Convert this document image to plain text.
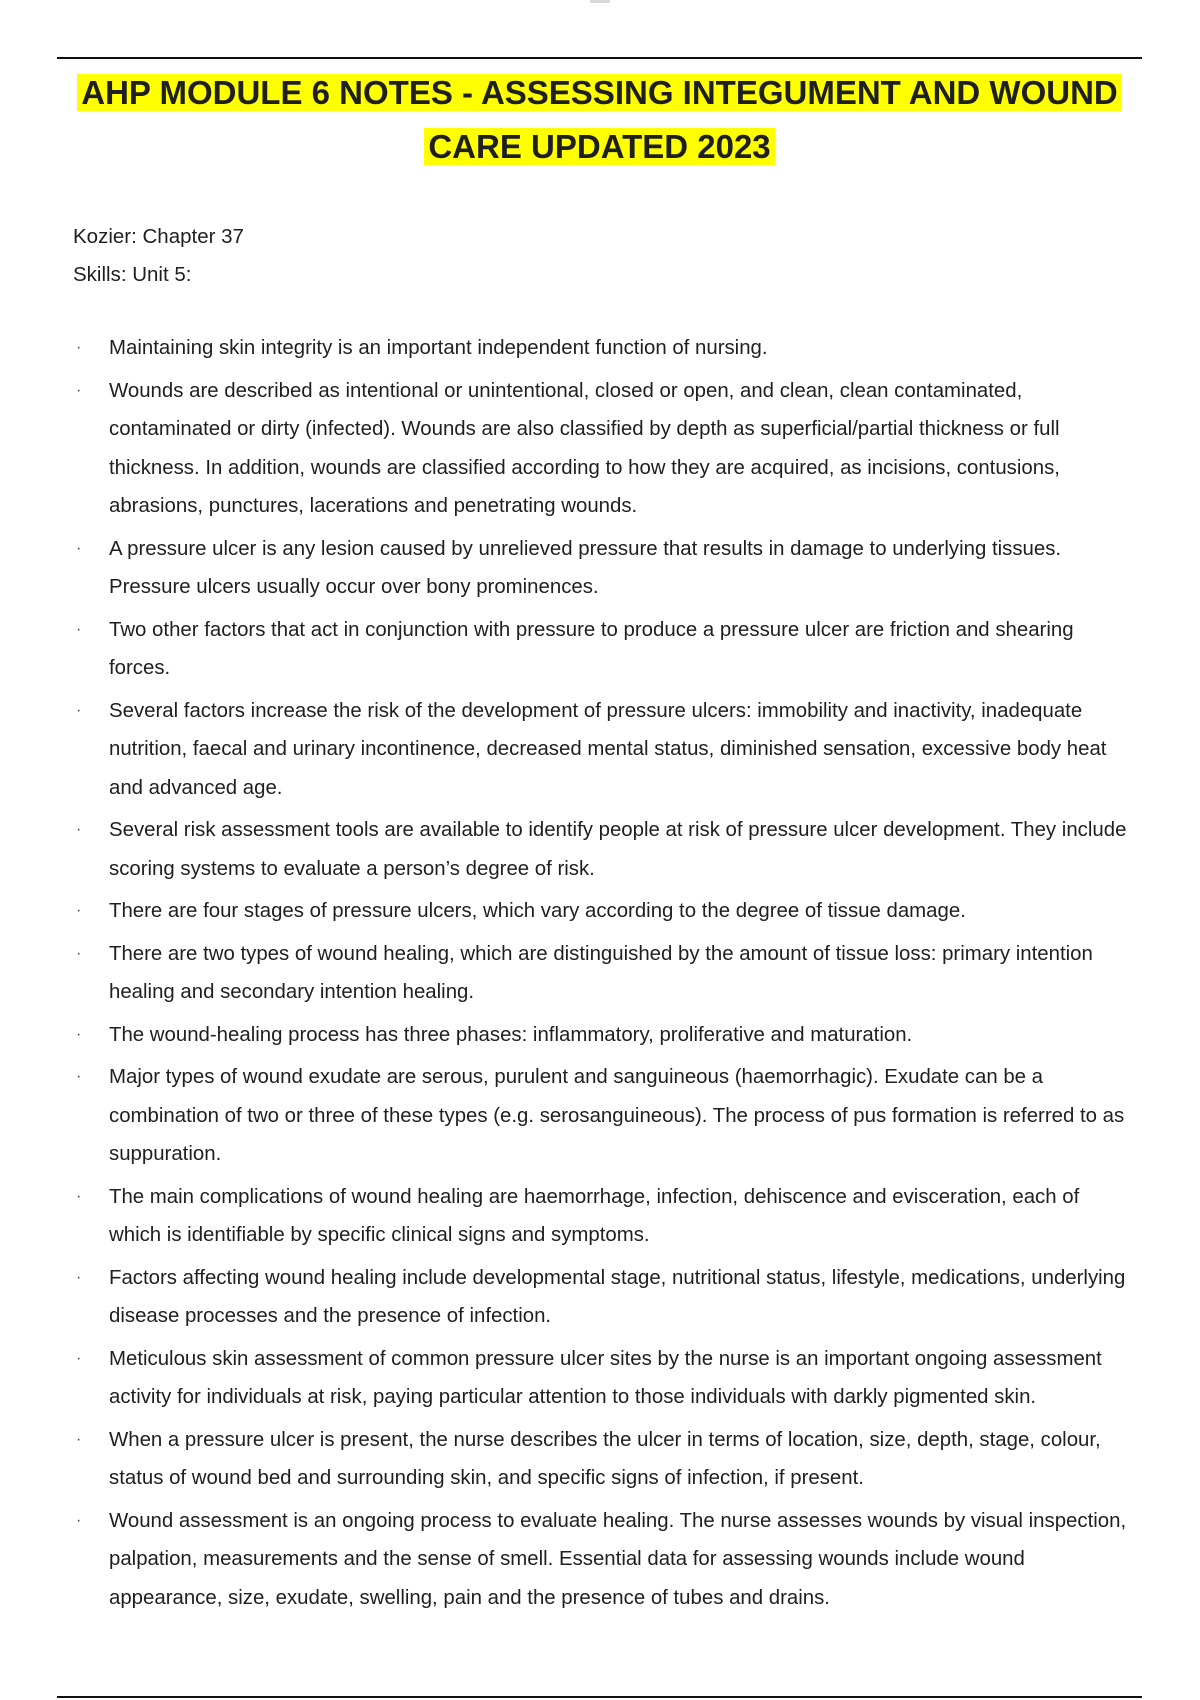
AHP MODULE 6 NOTES - ASSESSING INTEGUMENT AND WOUND
CARE UPDATED 2023
Kozier: Chapter 37
Skills: Unit 5:
· Maintaining skin integrity is an important independent function of nursing.
· Wounds are described as intentional or unintentional, closed or open, and clean, clean contaminated, contaminated or dirty (infected). Wounds are also classified by depth as superficial/partial thickness or full thickness. In addition, wounds are classified according to how they are acquired, as incisions, contusions, abrasions, punctures, lacerations and penetrating wounds.
· A pressure ulcer is any lesion caused by unrelieved pressure that results in damage to underlying tissues. Pressure ulcers usually occur over bony prominences.
· Two other factors that act in conjunction with pressure to produce a pressure ulcer are friction and shearing forces.
· Several factors increase the risk of the development of pressure ulcers: immobility and inactivity, inadequate nutrition, faecal and urinary incontinence, decreased mental status, diminished sensation, excessive body heat and advanced age.
· Several risk assessment tools are available to identify people at risk of pressure ulcer development. They include scoring systems to evaluate a person’s degree of risk.
· There are four stages of pressure ulcers, which vary according to the degree of tissue damage.
· There are two types of wound healing, which are distinguished by the amount of tissue loss: primary intention healing and secondary intention healing.
· The wound-healing process has three phases: inflammatory, proliferative and maturation.
· Major types of wound exudate are serous, purulent and sanguineous (haemorrhagic). Exudate can be a combination of two or three of these types (e.g. serosanguineous). The process of pus formation is referred to as suppuration.
· The main complications of wound healing are haemorrhage, infection, dehiscence and evisceration, each of which is identifiable by specific clinical signs and symptoms.
· Factors affecting wound healing include developmental stage, nutritional status, lifestyle, medications, underlying disease processes and the presence of infection.
· Meticulous skin assessment of common pressure ulcer sites by the nurse is an important ongoing assessment activity for individuals at risk, paying particular attention to those individuals with darkly pigmented skin.
· When a pressure ulcer is present, the nurse describes the ulcer in terms of location, size, depth, stage, colour, status of wound bed and surrounding skin, and specific signs of infection, if present.
· Wound assessment is an ongoing process to evaluate healing. The nurse assesses wounds by visual inspection, palpation, measurements and the sense of smell. Essential data for assessing wounds include wound appearance, size, exudate, swelling, pain and the presence of tubes and drains.
